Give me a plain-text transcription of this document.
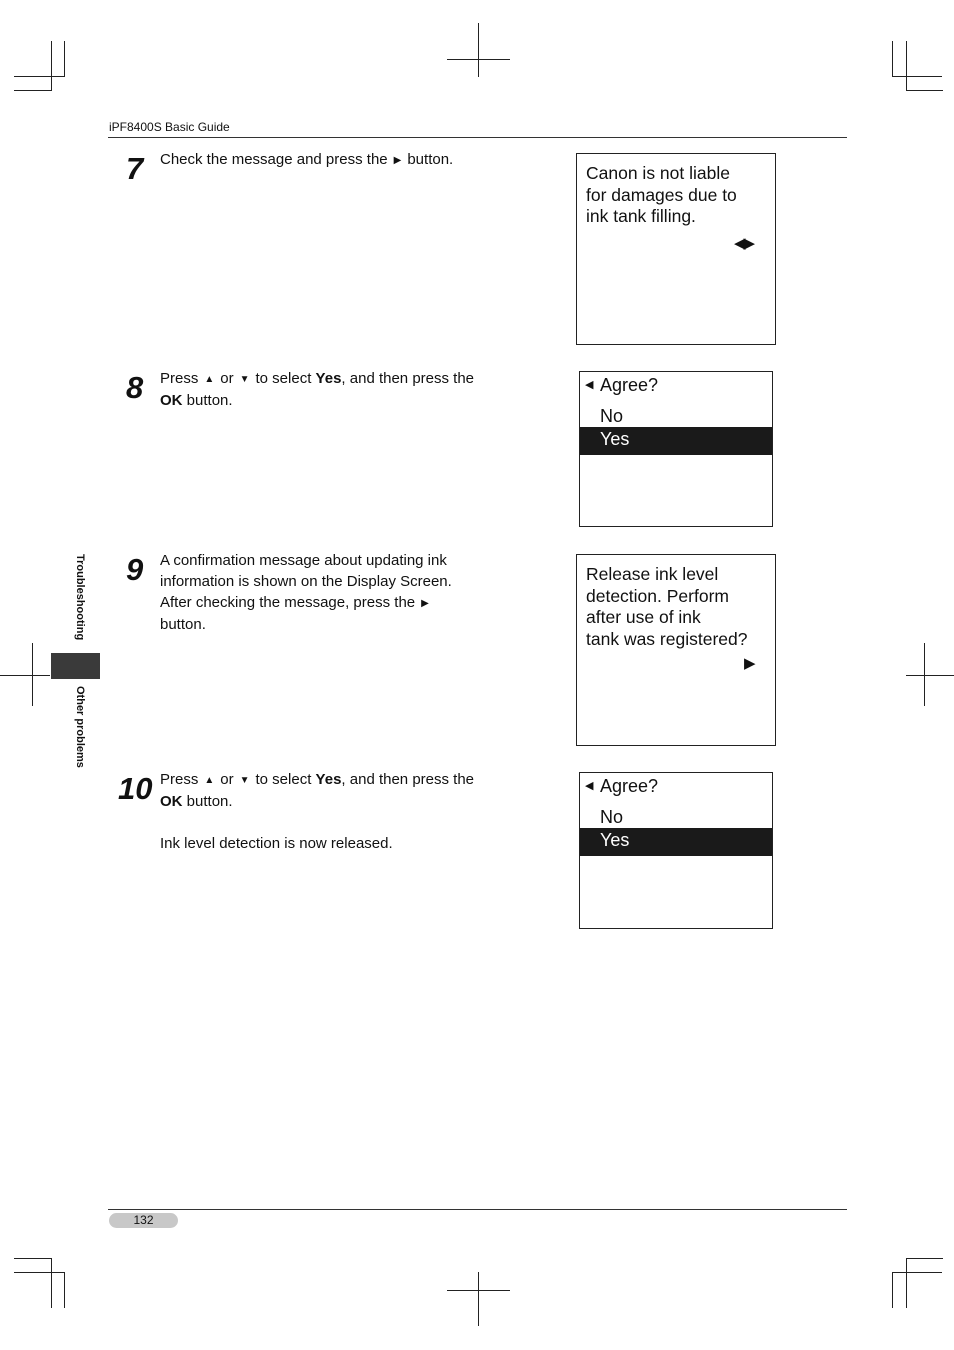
iPF8400S Basic Guide
Troubleshooting
Other problems
7 Check the message and press the ▶ button.
Canon is not liable
for damages due to
ink tank filling.
◀▶
8 Press ▲ or ▼ to select Yes, and then press the
OK button.
◀ Agree?
No
Yes
9 A confirmation message about updating ink information is shown on the Display Screen. After checking the message, press the ▶
button.
Release ink level
detection. Perform
after use of ink
tank was registered?
▶
10 Press ▲ or ▼ to select Yes, and then press the
OK button.

Ink level detection is now released.
◀ Agree?
No
Yes
132
